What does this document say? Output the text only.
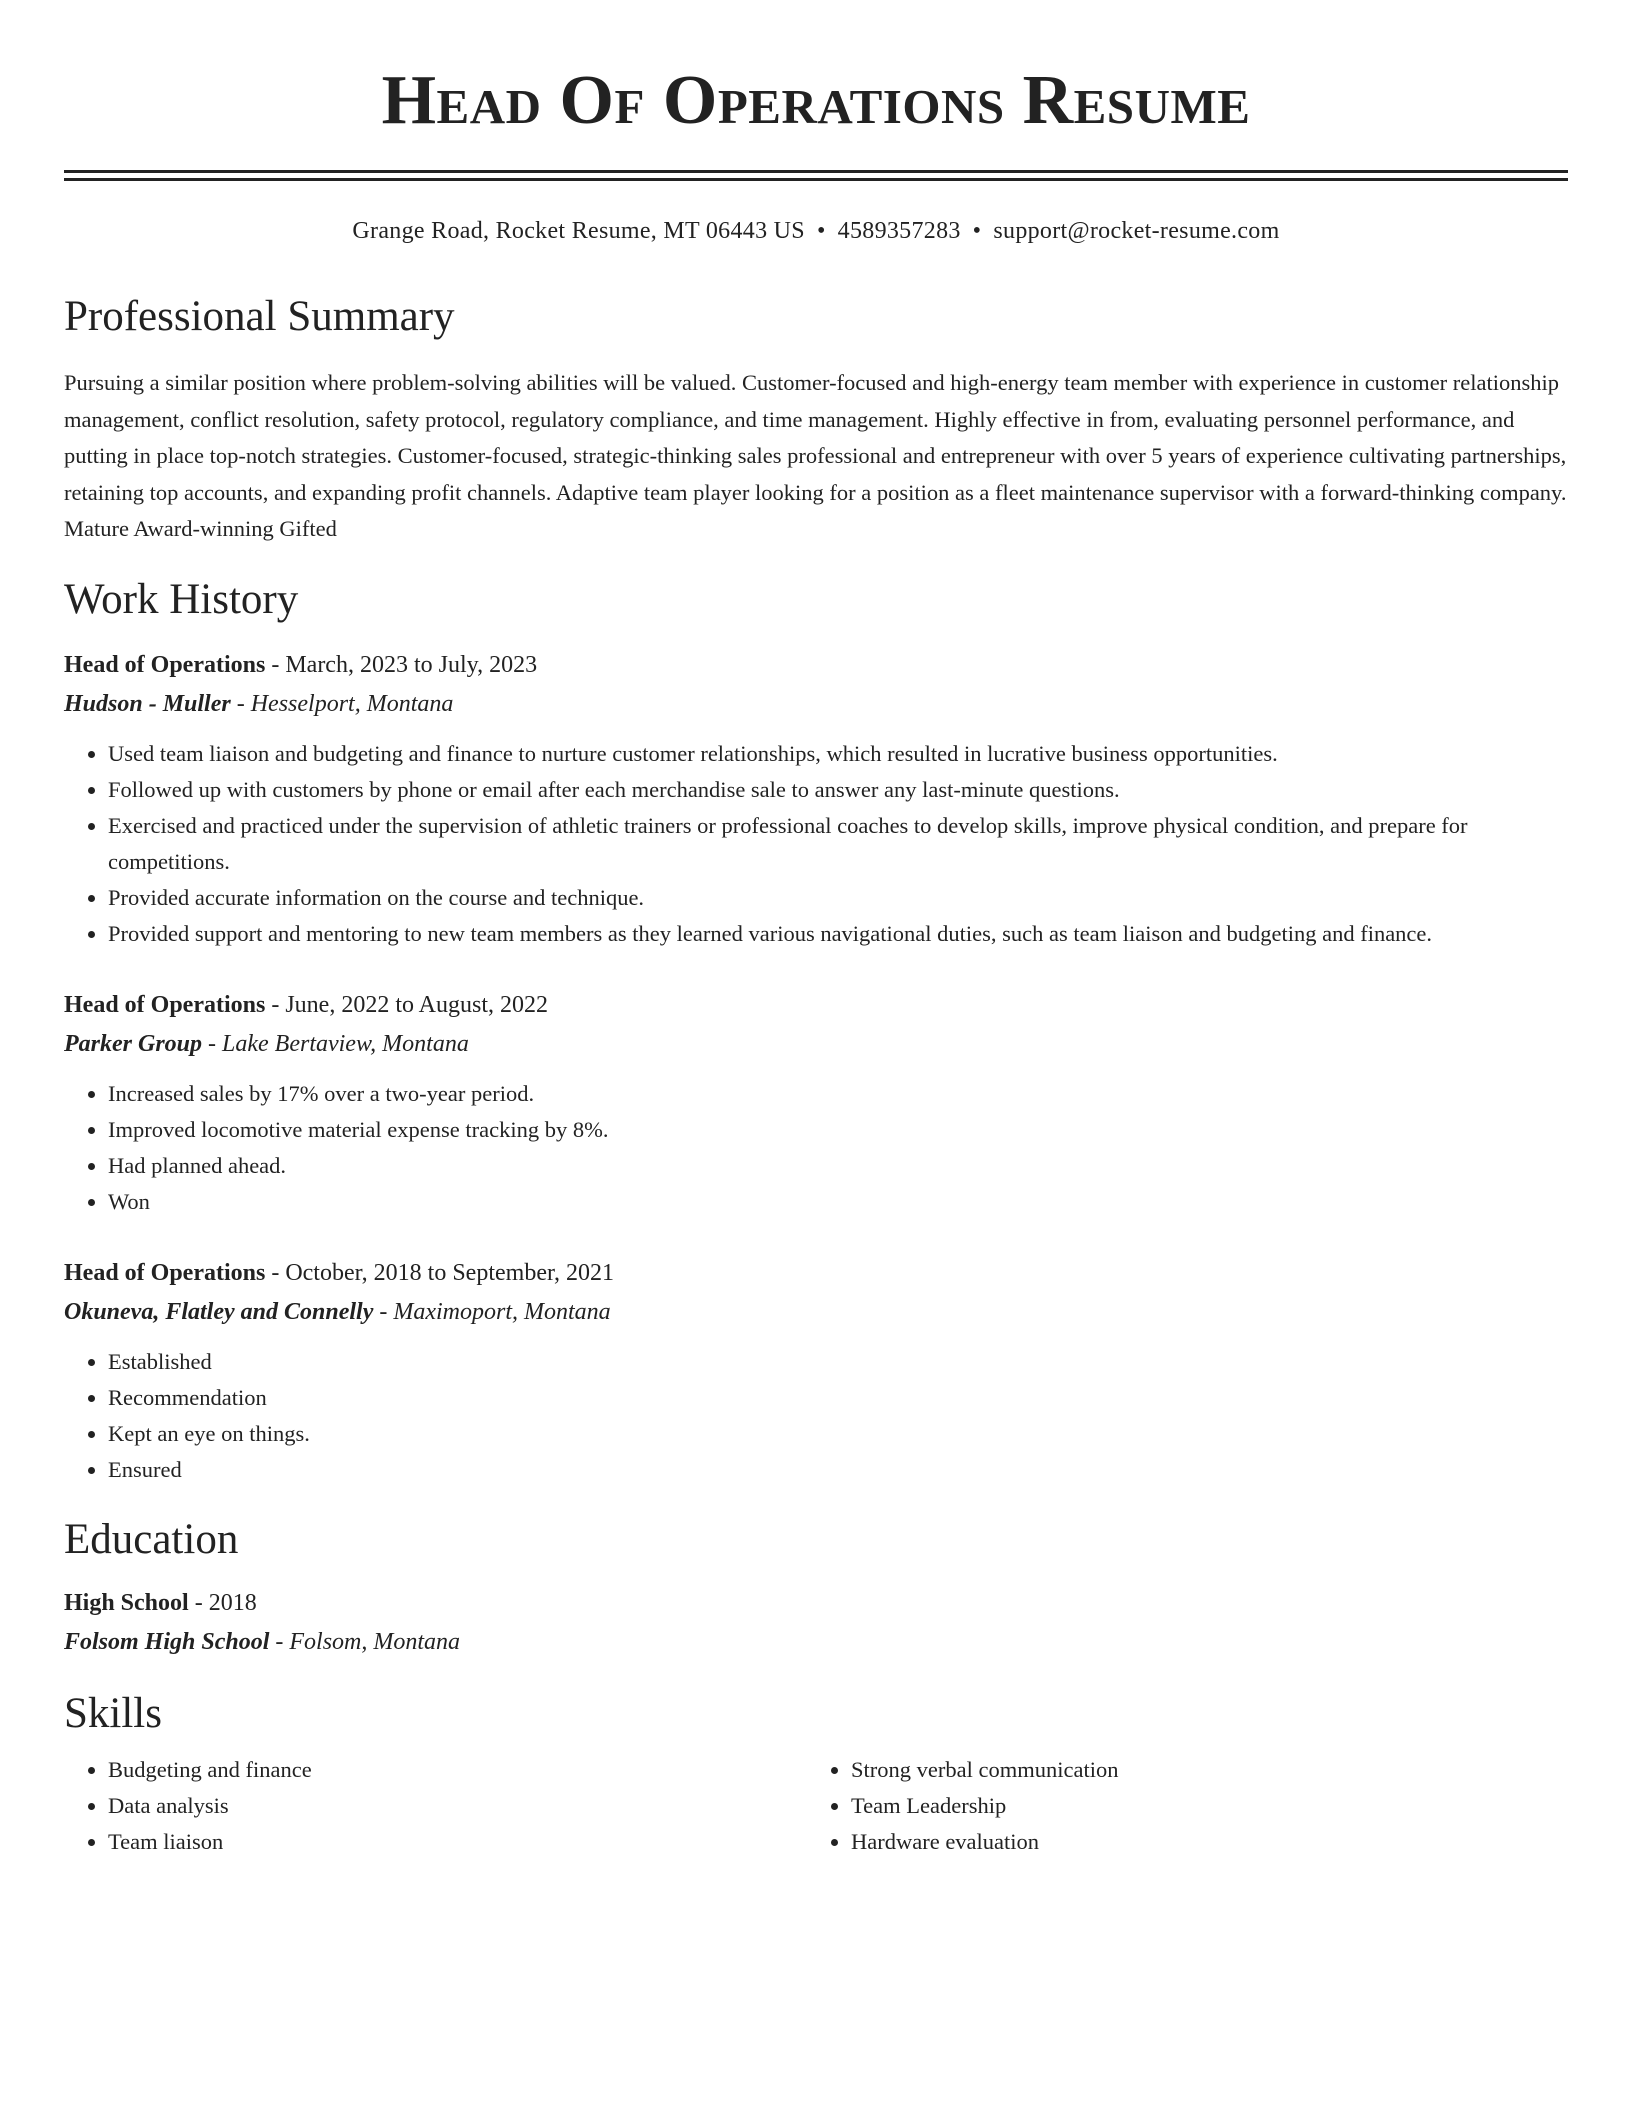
Head Of Operations Resume
Grange Road, Rocket Resume, MT 06443 US • 4589357283 • support@rocket-resume.com
Professional Summary
Pursuing a similar position where problem-solving abilities will be valued. Customer-focused and high-energy team member with experience in customer relationship management, conflict resolution, safety protocol, regulatory compliance, and time management. Highly effective in from, evaluating personnel performance, and putting in place top-notch strategies. Customer-focused, strategic-thinking sales professional and entrepreneur with over 5 years of experience cultivating partnerships, retaining top accounts, and expanding profit channels. Adaptive team player looking for a position as a fleet maintenance supervisor with a forward-thinking company. Mature Award-winning Gifted
Work History
Head of Operations - March, 2023 to July, 2023
Hudson - Muller - Hesselport, Montana
• Used team liaison and budgeting and finance to nurture customer relationships, which resulted in lucrative business opportunities.
• Followed up with customers by phone or email after each merchandise sale to answer any last-minute questions.
• Exercised and practiced under the supervision of athletic trainers or professional coaches to develop skills, improve physical condition, and prepare for competitions.
• Provided accurate information on the course and technique.
• Provided support and mentoring to new team members as they learned various navigational duties, such as team liaison and budgeting and finance.
Head of Operations - June, 2022 to August, 2022
Parker Group - Lake Bertaview, Montana
• Increased sales by 17% over a two-year period.
• Improved locomotive material expense tracking by 8%.
• Had planned ahead.
• Won
Head of Operations - October, 2018 to September, 2021
Okuneva, Flatley and Connelly - Maximoport, Montana
• Established
• Recommendation
• Kept an eye on things.
• Ensured
Education
High School - 2018
Folsom High School - Folsom, Montana
Skills
• Budgeting and finance
• Data analysis
• Team liaison
• Strong verbal communication
• Team Leadership
• Hardware evaluation
